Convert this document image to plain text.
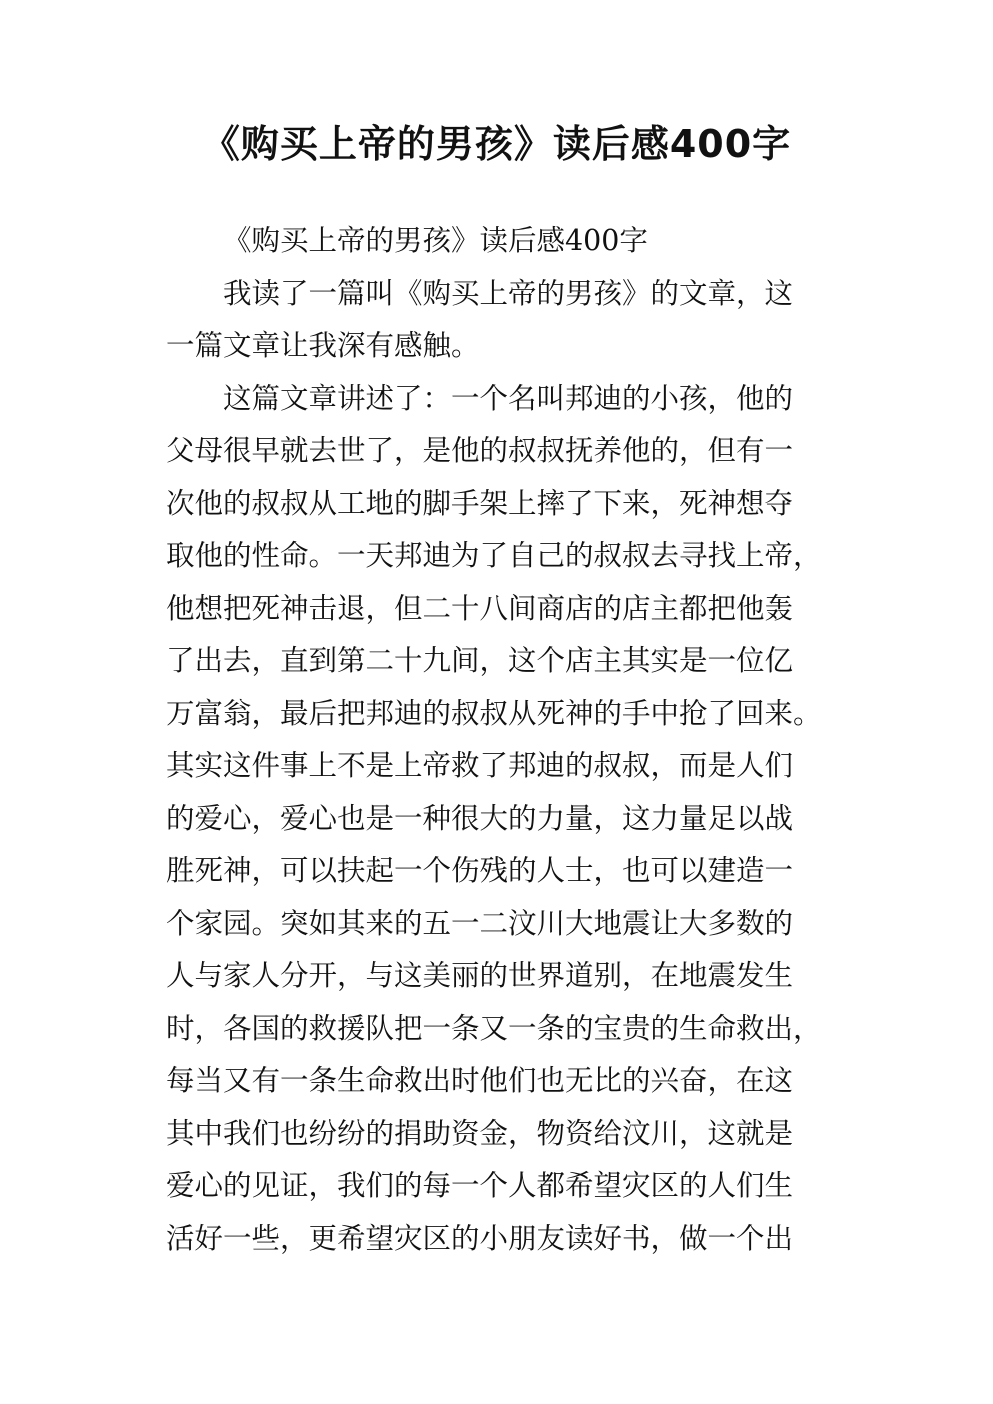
《购买上帝的男孩》读后感400字

《购买上帝的男孩》读后感400字

我读了一篇叫《购买上帝的男孩》的文章，这

一篇文章让我深有感触。

这篇文章讲述了：一个名叫邦迪的小孩，他的

父母很早就去世了，是他的叔叔抚养他的，但有一
次他的叔叔从工地的脚手架上摔了下来，死神想夺
取他的性命。一天邦迪为了自己的叔叔去寻找上帝，
他想把死神击退，但二十八间商店的店主都把他轰
了出去，直到第二十九间，这个店主其实是一位亿
万富翁，最后把邦迪的叔叔从死神的手中抢了回来。
其实这件事上不是上帝救了邦迪的叔叔，而是人们
的爱心，爱心也是一种很大的力量，这力量足以战
胜死神，可以扶起一个伤残的人士，也可以建造一
个家园。突如其来的五一二汶川大地震让大多数的
人与家人分开，与这美丽的世界道别，在地震发生
时，各国的救援队把一条又一条的宝贵的生命救出，
每当又有一条生命救出时他们也无比的兴奋，在这
其中我们也纷纷的捐助资金，物资给汶川，这就是
爱心的见证，我们的每一个人都希望灾区的人们生
活好一些，更希望灾区的小朋友读好书，做一个出
